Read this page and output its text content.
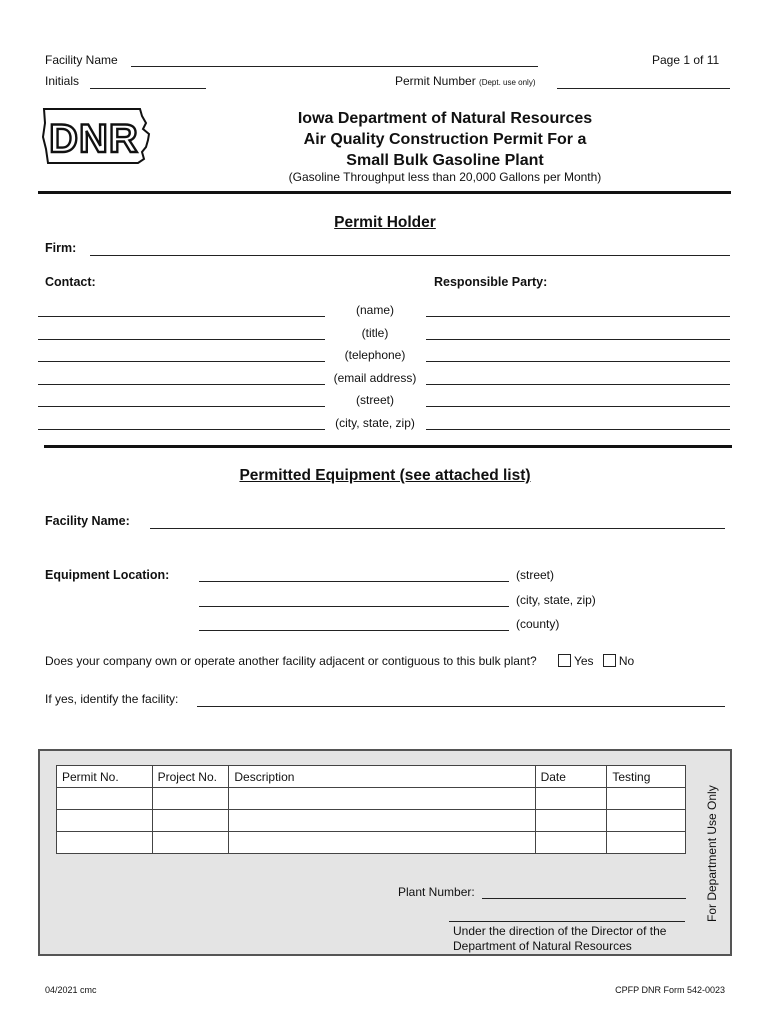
Facility Name	Page 1 of 11
Initials	Permit Number (Dept. use only)
DNR	Iowa Department of Natural Resources
Air Quality Construction Permit For a
Small Bulk Gasoline Plant
(Gasoline Throughput less than 20,000 Gallons per Month)
Permit Holder
Firm:
Contact:	Responsible Party:
(name)
(title)
(telephone)
(email address)
(street)
(city, state, zip)
Permitted Equipment (see attached list)
Facility Name:
Equipment Location:	(street)
(city, state, zip)
(county)
Does your company own or operate another facility adjacent or contiguous to this bulk plant?	Yes No
If yes, identify the facility:
Permit No.	Project No.	Description	Date	Testing

For Department Use Only
Plant Number:
Under the direction of the Director of the
Department of Natural Resources
04/2021 cmc	CPFP DNR Form 542-0023
